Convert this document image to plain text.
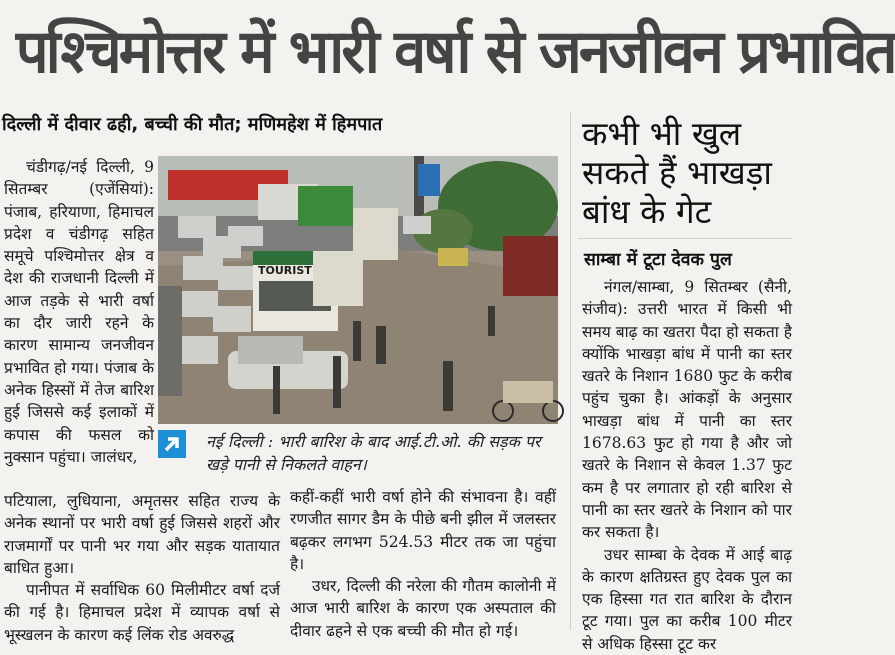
पश्चिमोत्तर में भारी वर्षा से जनजीवन प्रभावित
दिल्ली में दीवार ढही, बच्ची की मौत; मणिमहेश में हिमपात

चंडीगढ़/नई दिल्ली, 9 सितम्बर (एजेंसियां): पंजाब, हरियाणा, हिमाचल प्रदेश व चंडीगढ़ सहित समूचे पश्चिमोत्तर क्षेत्र व देश की राजधानी दिल्ली में आज तड़के से भारी वर्षा का दौर जारी रहने के कारण सामान्य जनजीवन प्रभावित हो गया। पंजाब के अनेक हिस्सों में तेज बारिश हुई जिससे कई इलाकों में कपास की फसल को नुक्सान पहुंचा। जालंधर,

TOURIST
नई दिल्ली : भारी बारिश के बाद आई.टी.ओ. की सड़क पर खड़े पानी से निकलते वाहन।

पटियाला, लुधियाना, अमृतसर सहित राज्य के अनेक स्थानों पर भारी वर्षा हुई जिससे शहरों और राजमार्गों पर पानी भर गया और सड़क यातायात बाधित हुआ।

पानीपत में सर्वाधिक 60 मिलीमीटर वर्षा दर्ज की गई है। हिमाचल प्रदेश में व्यापक वर्षा से भूस्खलन के कारण कई लिंक रोड अवरुद्ध

कहीं-कहीं भारी वर्षा होने की संभावना है। वहीं रणजीत सागर डैम के पीछे बनी झील में जलस्तर बढ़कर लगभग 524.53 मीटर तक जा पहुंचा है।

उधर, दिल्ली की नरेला की गौतम कालोनी में आज भारी बारिश के कारण एक अस्पताल की दीवार ढहने से एक बच्ची की मौत हो गई।

कभी भी खुल सकते हैं भाखड़ा बांध के गेट
साम्बा में टूटा देवक पुल

नंगल/साम्बा, 9 सितम्बर (सैनी, संजीव): उत्तरी भारत में किसी भी समय बाढ़ का खतरा पैदा हो सकता है क्योंकि भाखड़ा बांध में पानी का स्तर खतरे के निशान 1680 फुट के करीब पहुंच चुका है। आंकड़ों के अनुसार भाखड़ा बांध में पानी का स्तर 1678.63 फुट हो गया है और जो खतरे के निशान से केवल 1.37 फुट कम है पर लगातार हो रही बारिश से पानी का स्तर खतरे के निशान को पार कर सकता है।

उधर साम्बा के देवक में आई बाढ़ के कारण क्षतिग्रस्त हुए देवक पुल का एक हिस्सा गत रात बारिश के दौरान टूट गया। पुल का करीब 100 मीटर से अधिक हिस्सा टूट कर
